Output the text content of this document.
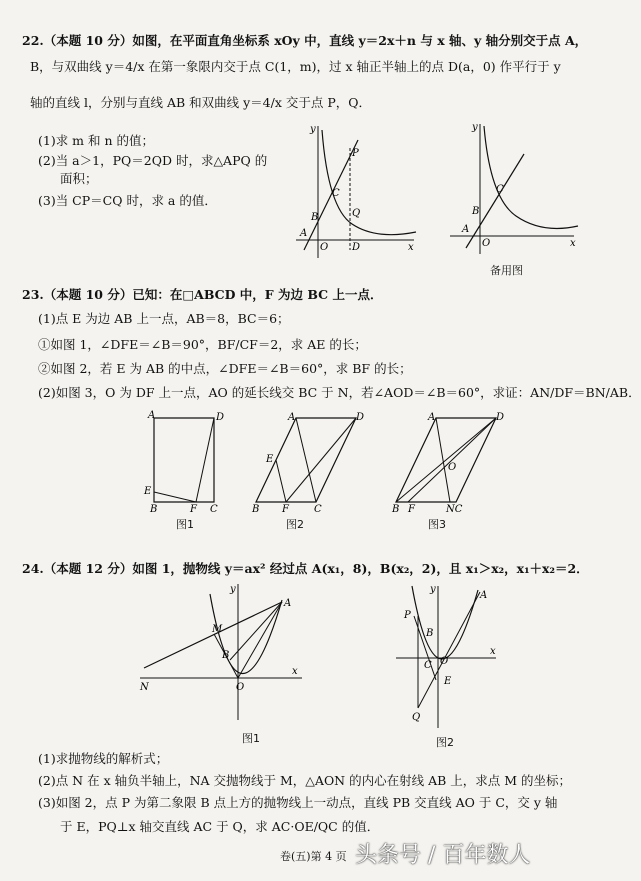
22.（本题 10 分）如图，在平面直角坐标系 xOy 中，直线 y＝2x＋n 与 x 轴、y 轴分别交于点 A，
B，与双曲线 y＝4/x 在第一象限内交于点 C(1，m)，过 x 轴正半轴上的点 D(a，0) 作平行于 y
轴的直线 l，分别与直线 AB 和双曲线 y＝4/x 交于点 P，Q．
(1)求 m 和 n 的值；
(2)当 a＞1，PQ＝2QD 时，求△APQ 的
面积；
(3)当 CP＝CQ 时，求 a 的值．
y
P
C
B	Q
A
O D	x
y
C
B
A
O	x
备用图
23.（本题 10 分）已知：在□ABCD 中，F 为边 BC 上一点．
(1)点 E 为边 AB 上一点，AB＝8，BC＝6；
①如图 1，∠DFE＝∠B＝90°，BF/CF＝2，求 AE 的长；
②如图 2，若 E 为 AB 的中点，∠DFE＝∠B＝60°，求 BF 的长；
(2)如图 3，O 为 DF 上一点，AO 的延长线交 BC 于 N，若∠AOD＝∠B＝60°，求证：AN/DF＝BN/AB．
A	D
E
B	F C
图1
A	D
E
B F	C
图2
A	D
O
B F	NC
图3
24.（本题 12 分）如图 1，抛物线 y＝ax² 经过点 A(x₁，8)，B(x₂，2)，且 x₁＞x₂，x₁＋x₂＝2．
y
A
M
B
N	O
x
图1
y
A
P
B
C O
E
Q
x
图2
(1)求抛物线的解析式；
(2)点 N 在 x 轴负半轴上，NA 交抛物线于 M，△AON 的内心在射线 AB 上，求点 M 的坐标；
(3)如图 2，点 P 为第二象限 B 点上方的抛物线上一动点，直线 PB 交直线 AO 于 C，交 y 轴
于 E，PQ⊥x 轴交直线 AC 于 Q，求 AC·OE/QC 的值．
卷(五)第 4 页 头条号 / 百年数人
